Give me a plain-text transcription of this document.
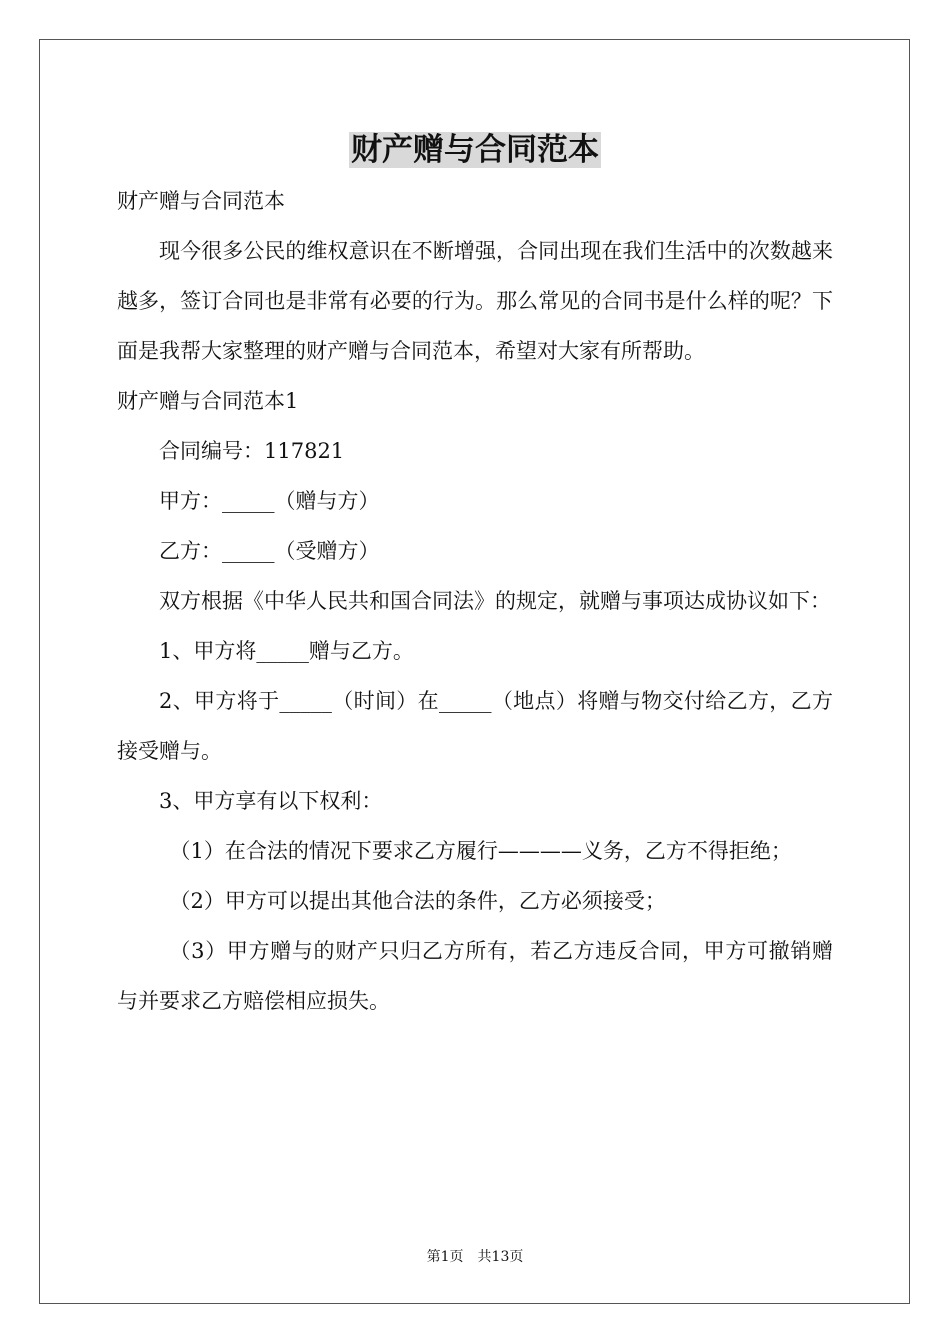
财产赠与合同范本

财产赠与合同范本

现今很多公民的维权意识在不断增强，合同出现在我们生活中的次数越来越多，签订合同也是非常有必要的行为。那么常见的合同书是什么样的呢？下面是我帮大家整理的财产赠与合同范本，希望对大家有所帮助。

财产赠与合同范本1

合同编号：117821

甲方：_____（赠与方）

乙方：_____（受赠方）

双方根据《中华人民共和国合同法》的规定，就赠与事项达成协议如下：

1、甲方将_____赠与乙方。

2、甲方将于_____（时间）在_____（地点）将赠与物交付给乙方，乙方接受赠与。

3、甲方享有以下权利：

（1）在合法的情况下要求乙方履行————义务，乙方不得拒绝；

（2）甲方可以提出其他合法的条件，乙方必须接受；

（3）甲方赠与的财产只归乙方所有，若乙方违反合同，甲方可撤销赠与并要求乙方赔偿相应损失。

第1页 共13页
